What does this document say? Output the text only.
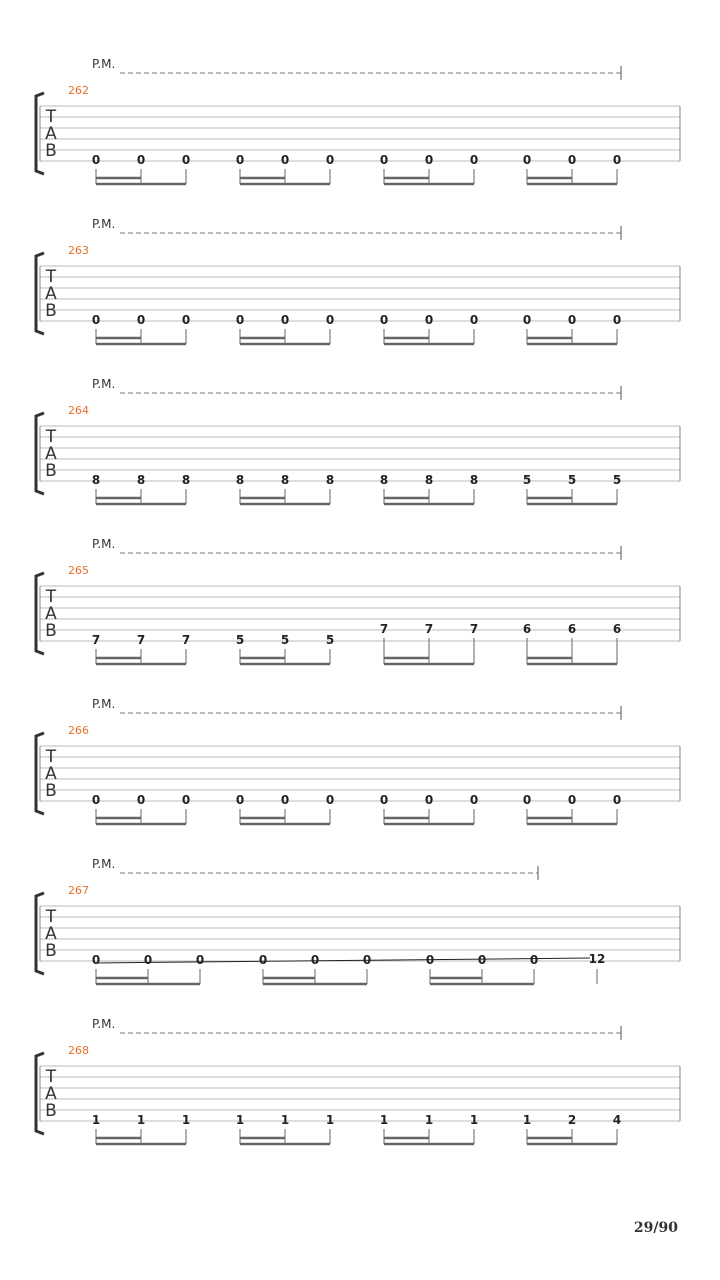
P.M.
262
T
A
B	0	0	0	0	0	0	0	0	0	0	0	0
P.M.
263
T
A
B	0	0	0	0	0	0	0	0	0	0	0	0
P.M.
264
T
A
B	8	8	8	8	8	8	8	8	8	5	5	5
P.M.
265
T
A
B	7	7	7	5	5	5
7	7	7	6	6	6
P.M.
266
T
A
B	0	0	0	0	0	0	0	0	0	0	0	0
P.M.
267
T
A
B	0	0	0	0	0	0	0	0	0	12
P.M.
268
T
A
B	1	1	1	1	1	1	1	1	1	1	2	4
29/90
